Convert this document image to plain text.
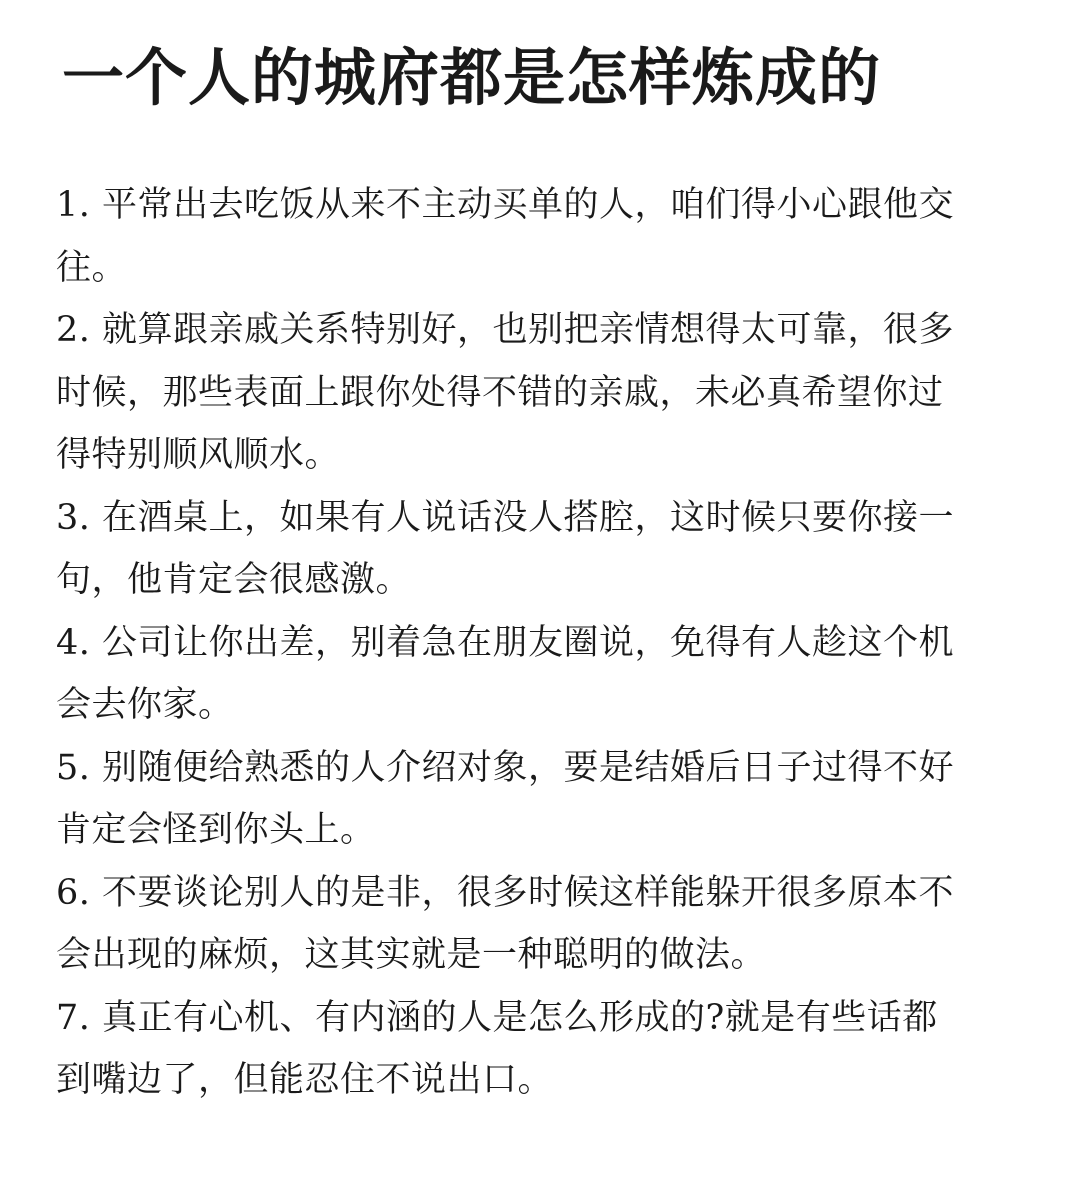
一个人的城府都是怎样炼成的
1. 平常出去吃饭从来不主动买单的人，咱们得小心跟他交往。
2. 就算跟亲戚关系特别好，也别把亲情想得太可靠，很多时候，那些表面上跟你处得不错的亲戚，未必真希望你过得特别顺风顺水。
3. 在酒桌上，如果有人说话没人搭腔，这时候只要你接一句，他肯定会很感激。
4. 公司让你出差，别着急在朋友圈说，免得有人趁这个机会去你家。
5. 别随便给熟悉的人介绍对象，要是结婚后日子过得不好肯定会怪到你头上。
6. 不要谈论别人的是非，很多时候这样能躲开很多原本不会出现的麻烦，这其实就是一种聪明的做法。
7. 真正有心机、有内涵的人是怎么形成的?就是有些话都到嘴边了，但能忍住不说出口。
